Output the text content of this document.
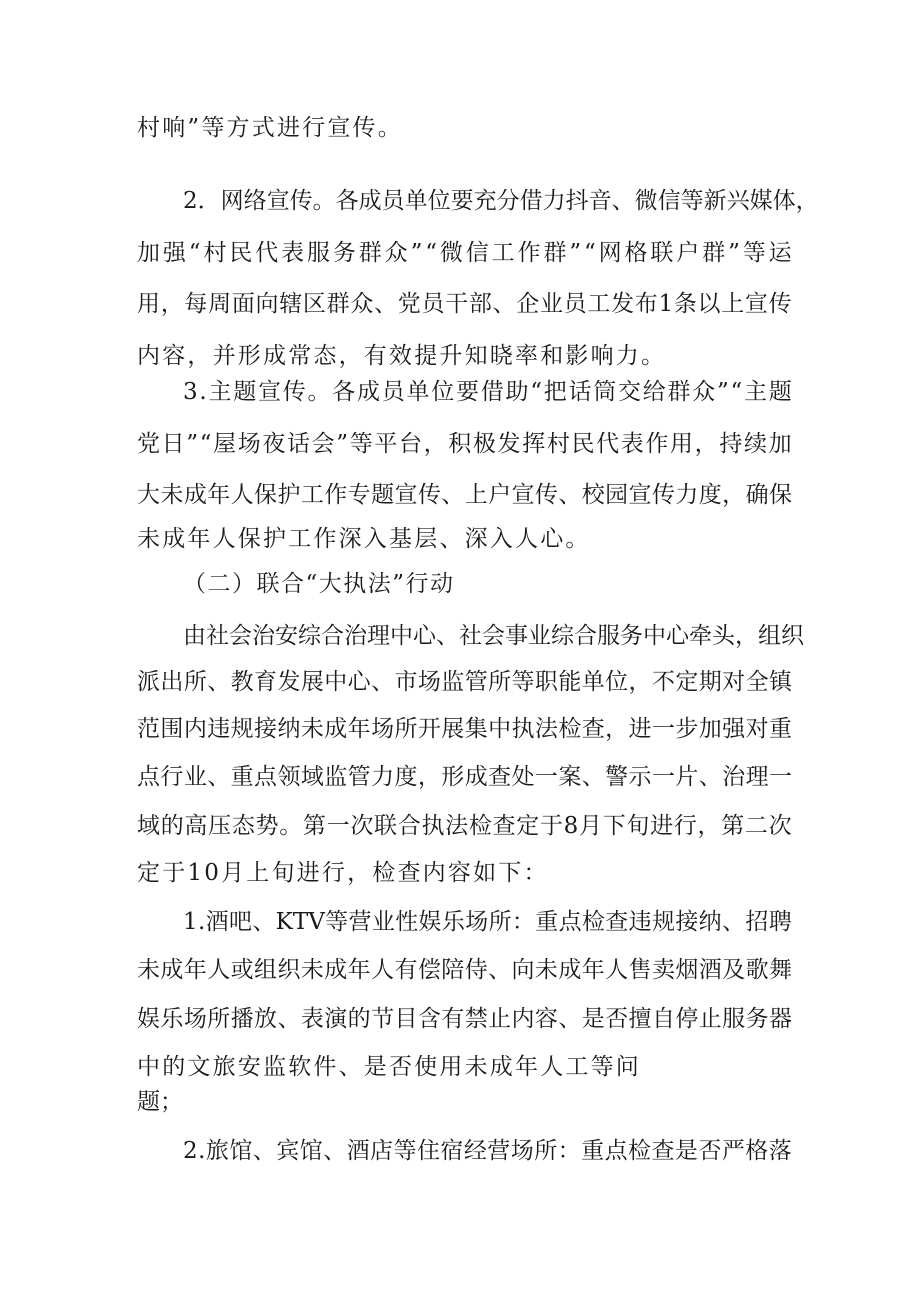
村响”等方式进行宣传。
2 ． 网 络 宣 传 。 各 成 员 单 位 要 充 分 借 力 抖 音 、 微 信 等 新 兴 媒 体 ，
加 强 “ 村 民 代 表 服 务 群 众 ” “ 微 信 工 作 群 ” “ 网 格 联 户 群 ” 等 运
用 ， 每 周 面 向 辖 区 群 众 、 党 员 干 部 、 企 业 员 工 发 布 1 条 以 上 宣 传
内容，并形成常态，有效提升知晓率和影响力。
3 . 主 题 宣 传 。 各 成 员 单 位 要 借 助 “ 把 话 筒 交 给 群 众 ” “ 主 题
党 日 ” “ 屋 场 夜 话 会 ” 等 平 台 ， 积 极 发 挥 村 民 代 表 作 用 ， 持 续 加
大 未 成 年 人 保 护 工 作 专 题 宣 传 、 上 户 宣 传 、 校 园 宣 传 力 度 ， 确 保
未成年人保护工作深入基层、深入人心。
（二）联合“大执法”行动
由 社 会 治 安 综 合 治 理 中 心 、 社 会 事 业 综 合 服 务 中 心 牵 头 ， 组 织
派 出 所 、 教 育 发 展 中 心 、 市 场 监 管 所 等 职 能 单 位 ， 不 定 期 对 全 镇
范 围 内 违 规 接 纳 未 成 年 场 所 开 展 集 中 执 法 检 查 ， 进 一 步 加 强 对 重
点 行 业 、 重 点 领 域 监 管 力 度 ， 形 成 查 处 一 案 、 警 示 一 片 、 治 理 一
域 的 高 压 态 势 。 第 一 次 联 合 执 法 检 查 定 于 8 月 下 旬 进 行 ， 第 二 次
定于10月上旬进行，检查内容如下：
1 . 酒 吧 、 KTV 等 营 业 性 娱 乐 场 所 ： 重 点 检 查 违 规 接 纳 、 招 聘
未 成 年 人 或 组 织 未 成 年 人 有 偿 陪 侍 、 向 未 成 年 人 售 卖 烟 酒 及 歌 舞
娱 乐 场 所 播 放 、 表 演 的 节 目 含 有 禁 止 内 容 、 是 否 擅 自 停 止 服 务 器
中的文旅安监软件、是否使用未成年人工等问
题；
2 . 旅 馆 、 宾 馆 、 酒 店 等 住 宿 经 营 场 所 ： 重 点 检 查 是 否 严 格 落
